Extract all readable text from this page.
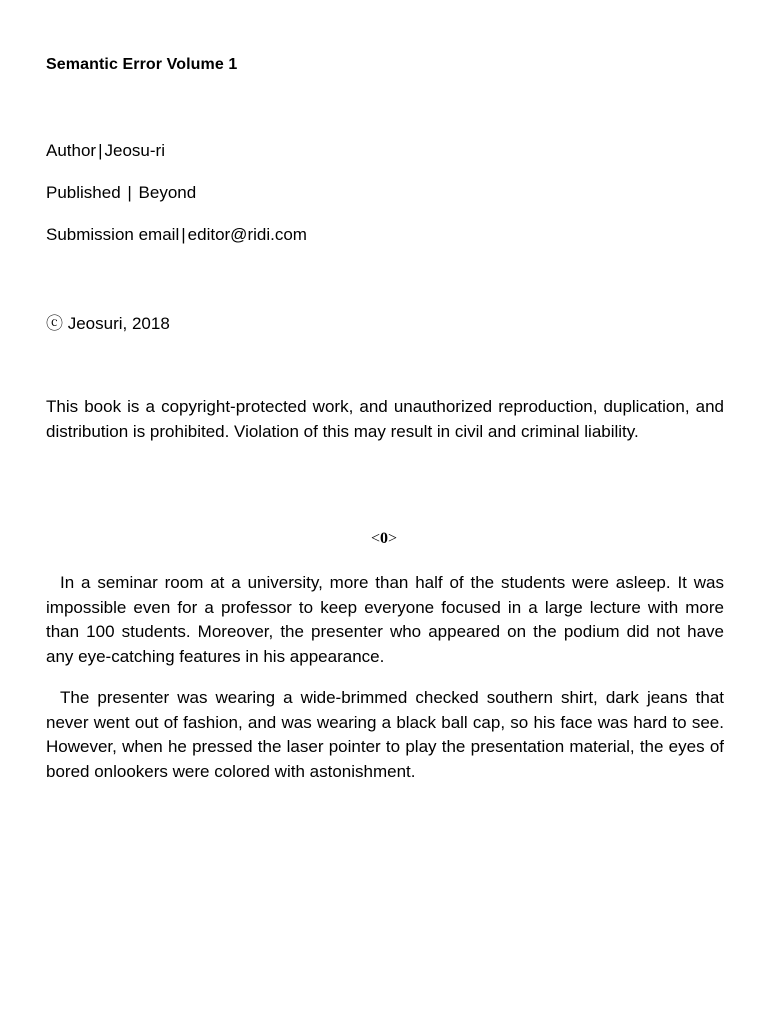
Semantic Error Volume 1
Author | Jeosu-ri
Published | Beyond
Submission email | editor@ridi.com
ⓒ Jeosuri, 2018
This book is a copyright-protected work, and unauthorized reproduction, duplication, and distribution is prohibited. Violation of this may result in civil and criminal liability.
<0>
In a seminar room at a university, more than half of the students were asleep. It was impossible even for a professor to keep everyone focused in a large lecture with more than 100 students. Moreover, the presenter who appeared on the podium did not have any eye-catching features in his appearance.
The presenter was wearing a wide-brimmed checked southern shirt, dark jeans that never went out of fashion, and was wearing a black ball cap, so his face was hard to see. However, when he pressed the laser pointer to play the presentation material, the eyes of bored onlookers were colored with astonishment.
